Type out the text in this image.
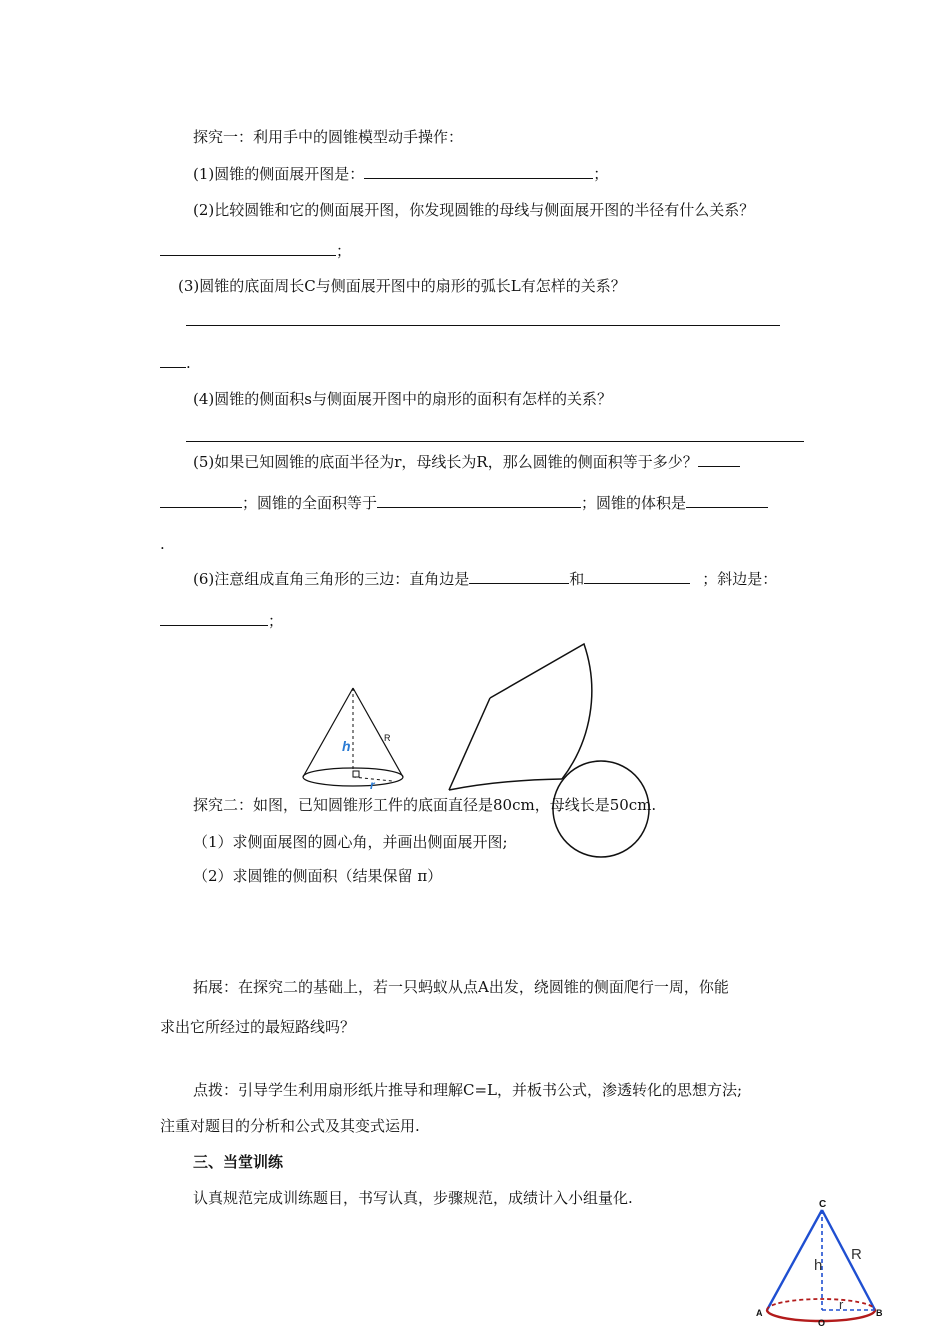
探究一：利用手中的圆锥模型动手操作：
(1)圆锥的侧面展开图是：	；
(2)比较圆锥和它的侧面展开图，你发现圆锥的母线与侧面展开图的半径有什么关系？
；
(3)圆锥的底面周长C与侧面展开图中的扇形的弧长L有怎样的关系？
.
(4)圆锥的侧面积s与侧面展开图中的扇形的面积有怎样的关系？
(5)如果已知圆锥的底面半径为r，母线长为R，那么圆锥的侧面积等于多少？
；圆锥的全面积等于	；圆锥的体积是
.
(6)注意组成直角三角形的三边：直角边是	和	；斜边是：
；
h	R
r
探究二：如图，已知圆锥形工件的底面直径是80cm，母线长是50cm.
（1）求侧面展图的圆心角，并画出侧面展开图;
（2）求圆锥的侧面积（结果保留 π）
拓展：在探究二的基础上，若一只蚂蚁从点A出发，绕圆锥的侧面爬行一周，你能
求出它所经过的最短路线吗？
点拨：引导学生利用扇形纸片推导和理解C=L，并板书公式，渗透转化的思想方法;
注重对题目的分析和公式及其变式运用.
三、当堂训练
认真规范完成训练题目，书写认真，步骤规范，成绩计入小组量化.	C
R
h
r
A
O
B
